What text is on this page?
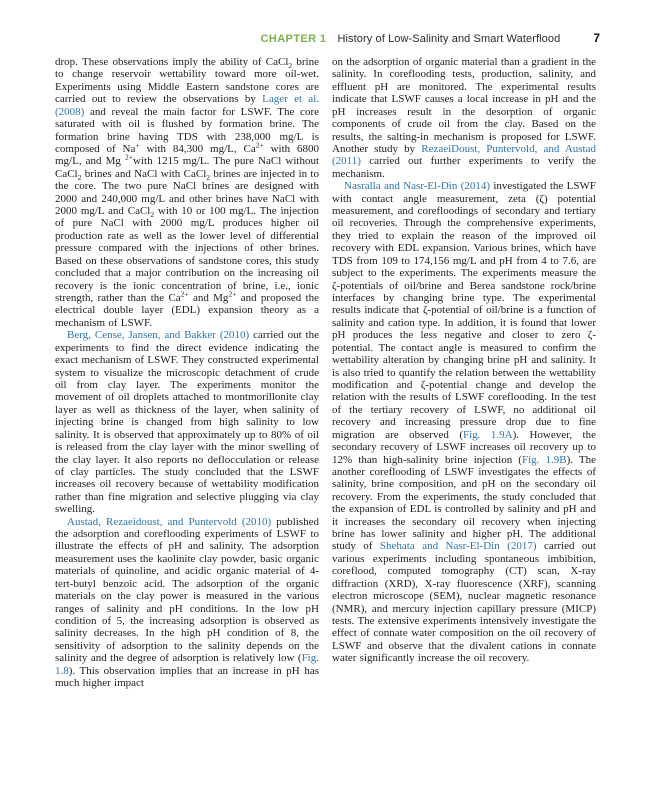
CHAPTER 1 History of Low-Salinity and Smart Waterflood	7

drop. These observations imply the ability of CaCl$_2$ brine to change reservoir wettability toward more oil-wet. Experiments using Middle Eastern sandstone cores are carried out to review the observations by Lager et al. (2008) and reveal the main factor for LSWF. The core saturated with oil is flushed by formation brine. The formation brine having TDS with 238,000 mg/L is composed of Na+ with 84,300 mg/L, $Ca^{2+}$ with 6800 mg/L, and Mg $^{2+}$with 1215 mg/L. The pure NaCl without CaCl$_2$ brines and NaCl with CaCl$_2$ brines are injected in to the core. The two pure NaCl brines are designed with 2000 and 240,000 mg/L and other brines have NaCl with 2000 mg/L and CaCl$_2$ with 10 or 100 mg/L. The injection of pure NaCl with 2000 mg/L produces higher oil production rate as well as the lower level of differential pressure compared with the injections of other brines. Based on these observations of sandstone cores, this study concluded that a major contribution on the increasing oil recovery is the ionic concentration of brine, i.e., ionic strength, rather than the $Ca^{2+}$ and $Mg^{2+}$ and proposed the electrical double layer (EDL) expansion theory as a mechanism of LSWF.

Berg, Cense, Jansen, and Bakker (2010) carried out the experiments to find the direct evidence indicating the exact mechanism of LSWF. They constructed experimental system to visualize the microscopic detachment of crude oil from clay layer. The experiments monitor the movement of oil droplets attached to montmorillonite clay layer as well as thickness of the layer, when salinity of injecting brine is changed from high salinity to low salinity. It is observed that approximately up to 80% of oil is released from the clay layer with the minor swelling of the clay layer. It also reports no deflocculation or release of clay particles. The study concluded that the LSWF increases oil recovery because of wettability modification rather than fine migration and selective plugging via clay swelling.

Austad, Rezaeidoust, and Puntervold (2010) published the adsorption and coreflooding experiments of LSWF to illustrate the effects of pH and salinity. The adsorption measurement uses the kaolinite clay powder, basic organic materials of quinoline, and acidic organic material of 4-tert-butyl benzoic acid. The adsorption of the organic materials on the clay power is measured in the various ranges of salinity and pH conditions. In the low pH condition of 5, the increasing adsorption is observed as salinity decreases. In the high pH condition of 8, the sensitivity of adsorption to the salinity depends on the salinity and the degree of adsorption is relatively low (Fig. 1.8). This observation implies that an increase in pH has much higher impact

on the adsorption of organic material than a gradient in the salinity. In coreflooding tests, production, salinity, and effluent pH are monitored. The experimental results indicate that LSWF causes a local increase in pH and the pH increases result in the desorption of organic components of crude oil from the clay. Based on the results, the salting-in mechanism is proposed for LSWF. Another study by RezaeiDoust, Puntervold, and Austad (2011) carried out further experiments to verify the mechanism.

Nasralla and Nasr-El-Din (2014) investigated the LSWF with contact angle measurement, zeta (ζ) potential measurement, and corefloodings of secondary and tertiary oil recoveries. Through the comprehensive experiments, they tried to explain the reason of the improved oil recovery with EDL expansion. Various brines, which have TDS from 109 to 174,156 mg/L and pH from 4 to 7.6, are subject to the experiments. The experiments measure the ζ-potentials of oil/brine and Berea sandstone rock/brine interfaces by changing brine type. The experimental results indicate that ζ-potential of oil/brine is a function of salinity and cation type. In addition, it is found that lower pH produces the less negative and closer to zero ζ-potential. The contact angle is measured to confirm the wettability alteration by changing brine pH and salinity. It is also tried to quantify the relation between the wettability modification and ζ-potential change and develop the relation with the results of LSWF coreflooding. In the test of the tertiary recovery of LSWF, no additional oil recovery and increasing pressure drop due to fine migration are observed (Fig. 1.9A). However, the secondary recovery of LSWF increases oil recovery up to 12% than high-salinity brine injection (Fig. 1.9B). The another coreflooding of LSWF investigates the effects of salinity, brine composition, and pH on the secondary oil recovery. From the experiments, the study concluded that the expansion of EDL is controlled by salinity and pH and it increases the secondary oil recovery when injecting brine has lower salinity and higher pH. The additional study of Shehata and Nasr-El-Din (2017) carried out various experiments including spontaneous imbibition, coreflood, computed tomography (CT) scan, X-ray diffraction (XRD), X-ray fluorescence (XRF), scanning electron microscope (SEM), nuclear magnetic resonance (NMR), and mercury injection capillary pressure (MICP) tests. The extensive experiments intensively investigate the effect of connate water composition on the oil recovery of LSWF and observe that the divalent cations in connate water significantly increase the oil recovery.
